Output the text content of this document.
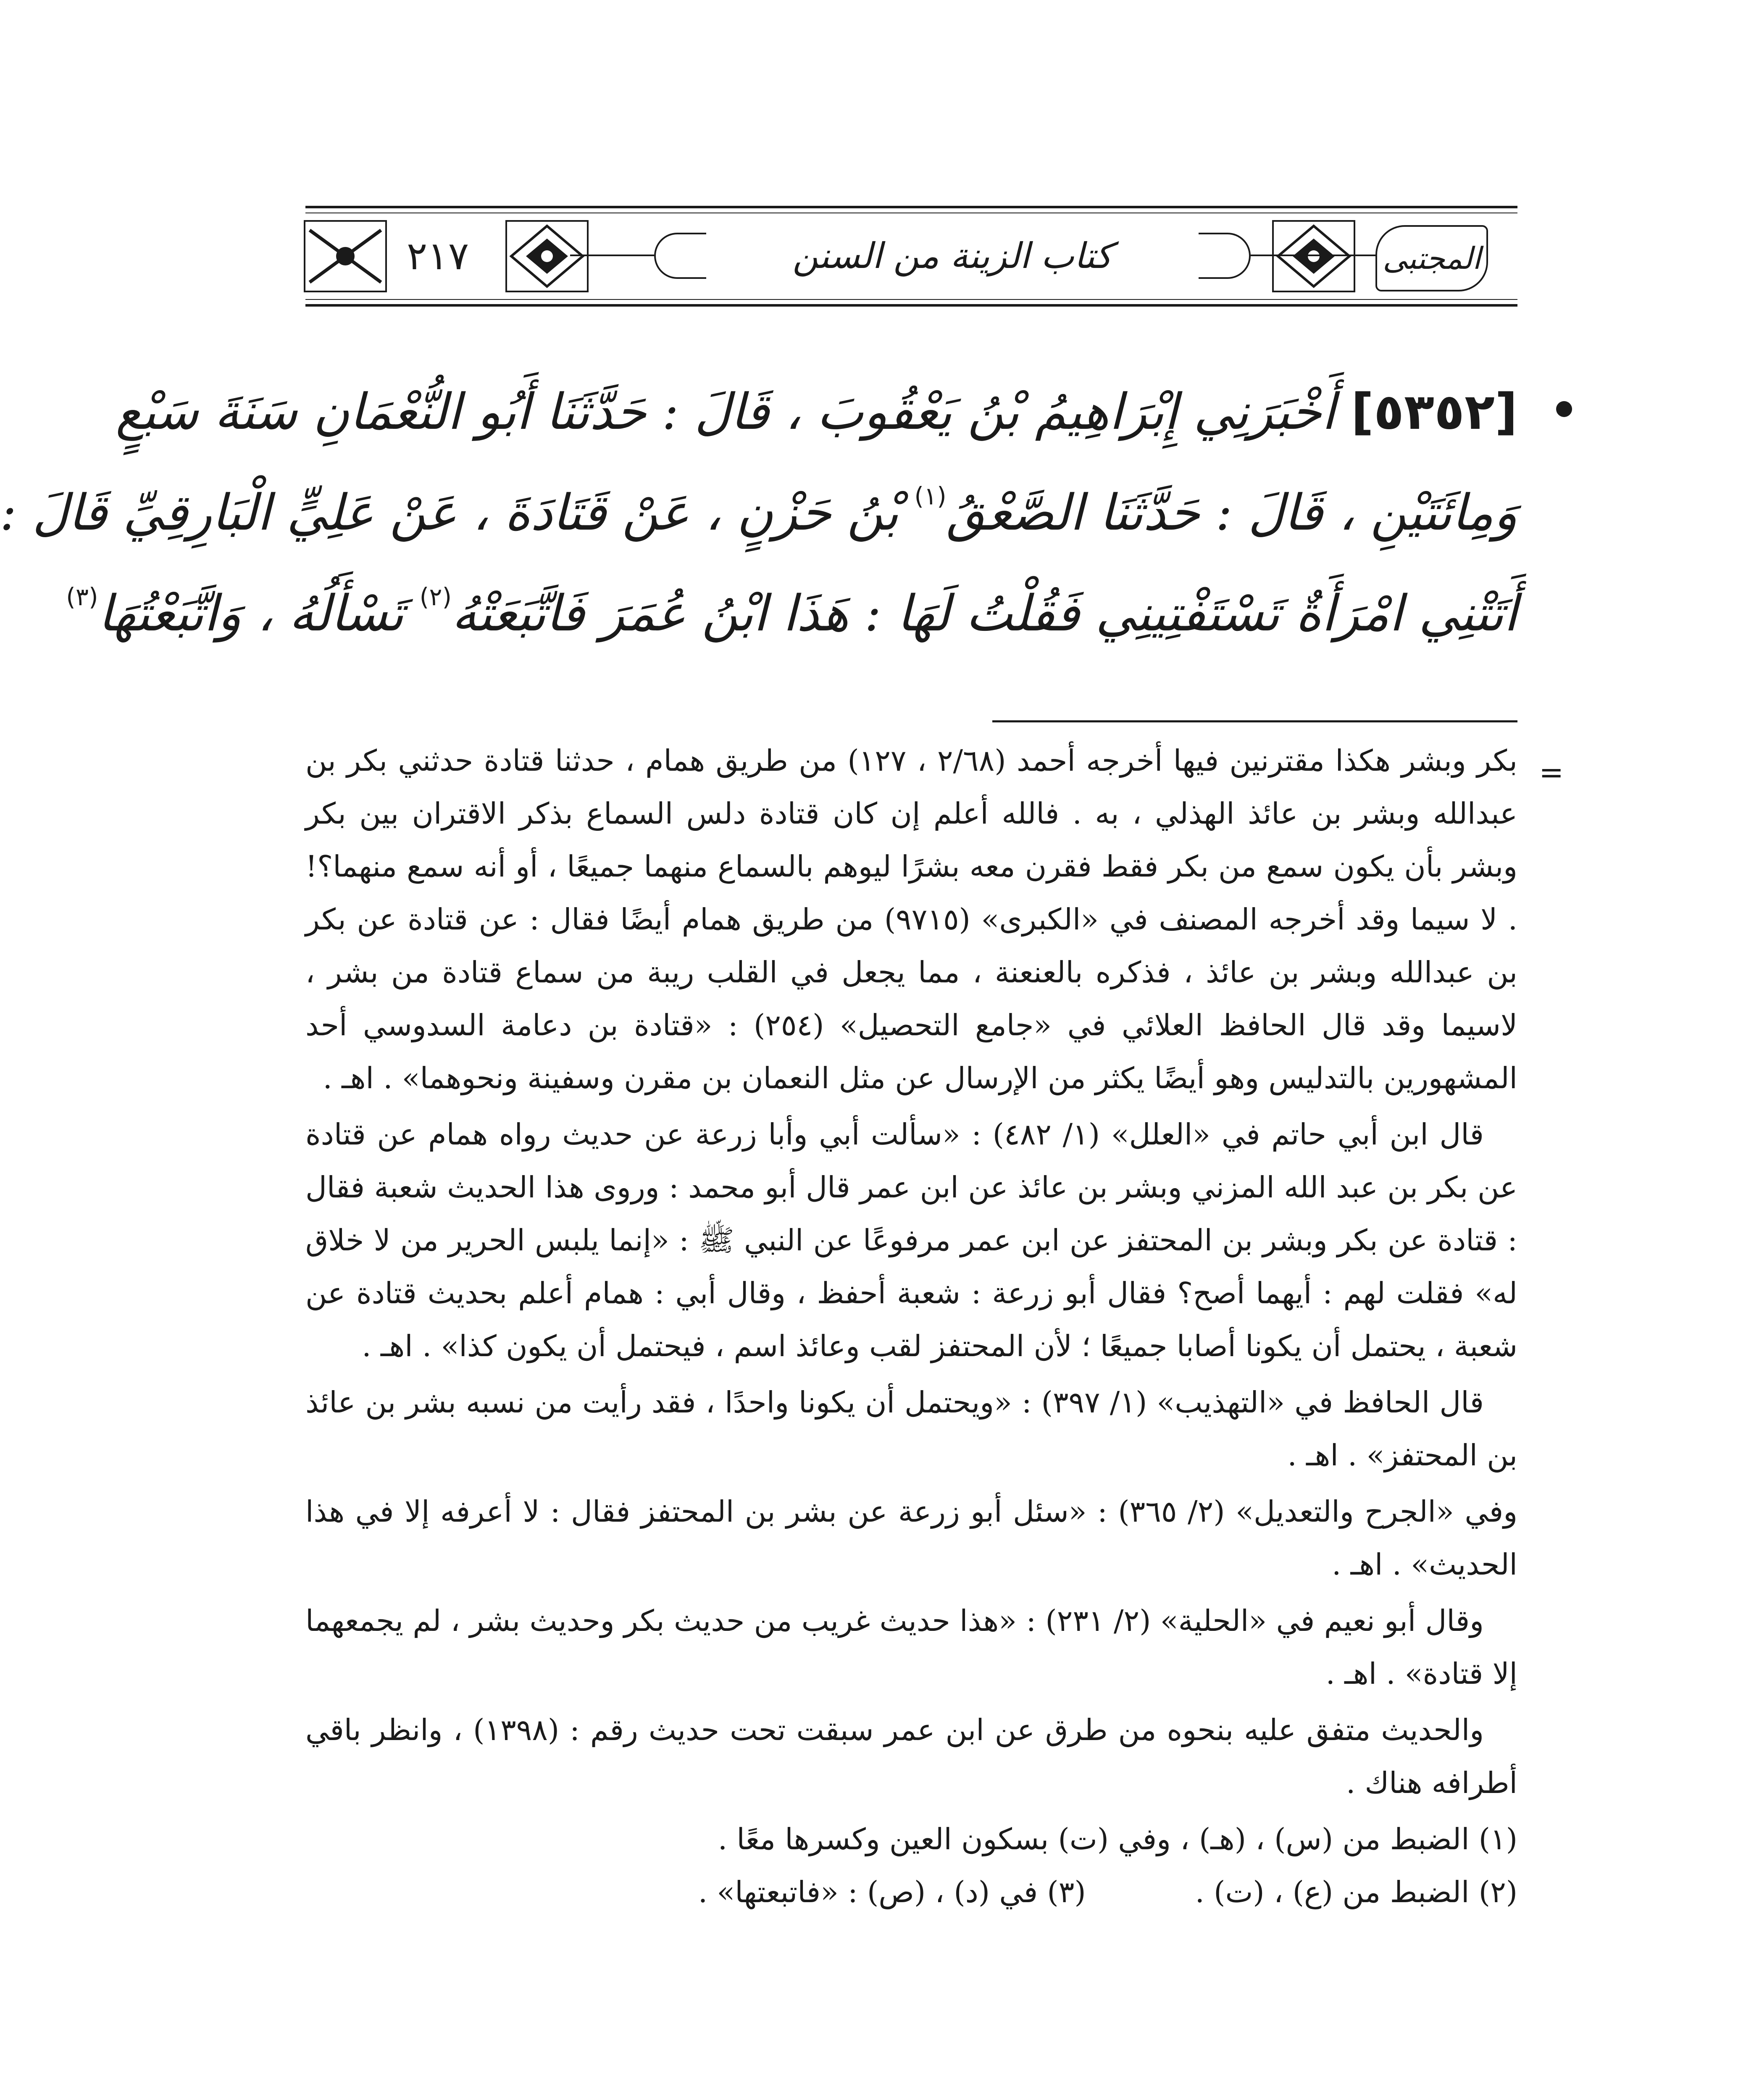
المجتبى
كتاب الزينة من السنن
٢١٧
[٥٣٥٢] أَخْبَرَنِي إِبْرَاهِيمُ بْنُ يَعْقُوبَ ، قَالَ : حَدَّثَنَا أَبُو النُّعْمَانِ سَنَةَ سَبْعٍ
وَمِائَتَيْنِ ، قَالَ : حَدَّثَنَا الصَّعْقُ$^{(١)}$ بْنُ حَزْنٍ ، عَنْ قَتَادَةَ ، عَنْ عَلِيٍّ الْبَارِقِيِّ قَالَ :
أَتَتْنِي امْرَأَةٌ تَسْتَفْتِينِي فَقُلْتُ لَهَا : هَذَا ابْنُ عُمَرَ فَاتَّبَعَتْهُ$^{(٢)}$ تَسْأَلُهُ ، وَاتَّبَعْتُهَا$^{(٣)}$
=

بكر وبشر هكذا مقترنين فيها أخرجه أحمد (٢/٦٨ ، ١٢٧) من طريق همام ، حدثنا قتادة حدثني بكر بن عبدالله وبشر بن عائذ الهذلي ، به . فالله أعلم إن كان قتادة دلس السماع بذكر الاقتران بين بكر وبشر بأن يكون سمع من بكر فقط فقرن معه بشرًا ليوهم بالسماع منهما جميعًا ، أو أنه سمع منهما؟! . لا سيما وقد أخرجه المصنف في «الكبرى» (٩٧١٥) من طريق همام أيضًا فقال : عن قتادة عن بكر بن عبدالله وبشر بن عائذ ، فذكره بالعنعنة ، مما يجعل في القلب ريبة من سماع قتادة من بشر ، لاسيما وقد قال الحافظ العلائي في «جامع التحصيل» (٢٥٤) : «قتادة بن دعامة السدوسي أحد المشهورين بالتدليس وهو أيضًا يكثر من الإرسال عن مثل النعمان بن مقرن وسفينة ونحوهما» . اهـ .

قال ابن أبي حاتم في «العلل» (١/ ٤٨٢) : «سألت أبي وأبا زرعة عن حديث رواه همام عن قتادة عن بكر بن عبد الله المزني وبشر بن عائذ عن ابن عمر قال أبو محمد : وروى هذا الحديث شعبة فقال : قتادة عن بكر وبشر بن المحتفز عن ابن عمر مرفوعًا عن النبي ﷺ : «إنما يلبس الحرير من لا خلاق له» فقلت لهم : أيهما أصح؟ فقال أبو زرعة : شعبة أحفظ ، وقال أبي : همام أعلم بحديث قتادة عن شعبة ، يحتمل أن يكونا أصابا جميعًا ؛ لأن المحتفز لقب وعائذ اسم ، فيحتمل أن يكون كذا» . اهـ .

قال الحافظ في «التهذيب» (١/ ٣٩٧) : «ويحتمل أن يكونا واحدًا ، فقد رأيت من نسبه بشر بن عائذ بن المحتفز» . اهـ .

وفي «الجرح والتعديل» (٢/ ٣٦٥) : «سئل أبو زرعة عن بشر بن المحتفز فقال : لا أعرفه إلا في هذا الحديث» . اهـ .

وقال أبو نعيم في «الحلية» (٢/ ٢٣١) : «هذا حديث غريب من حديث بكر وحديث بشر ، لم يجمعهما إلا قتادة» . اهـ .

والحديث متفق عليه بنحوه من طرق عن ابن عمر سبقت تحت حديث رقم : (١٣٩٨) ، وانظر باقي أطرافه هناك .

(١) الضبط من (س) ، (هـ) ، وفي (ت) بسكون العين وكسرها معًا .
(٢) الضبط من (ع) ، (ت) .
(٣) في (د) ، (ص) : «فاتبعتها» .
